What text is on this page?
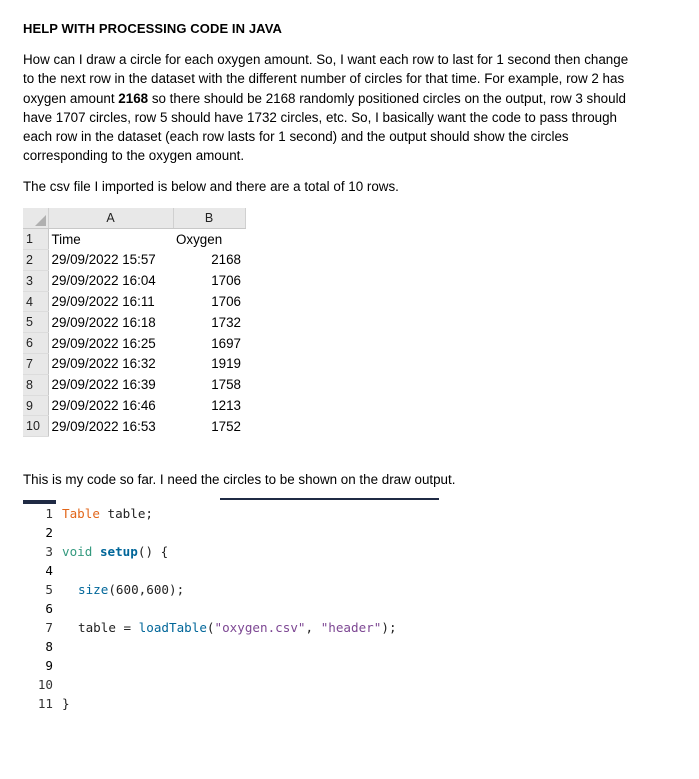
HELP WITH PROCESSING CODE IN JAVA
How can I draw a circle for each oxygen amount. So, I want each row to last for 1 second then change to the next row in the dataset with the different number of circles for that time. For example, row 2 has oxygen amount 2168 so there should be 2168 randomly positioned circles on the output, row 3 should have 1707 circles, row 5 should have 1732 circles, etc. So, I basically want the code to pass through each row in the dataset (each row lasts for 1 second) and the output should show the circles corresponding to the oxygen amount.
The csv file I imported is below and there are a total of 10 rows.
	A	B
1	Time	Oxygen
2	29/09/2022 15:57	2168
3	29/09/2022 16:04	1706
4	29/09/2022 16:11	1706
5	29/09/2022 16:18	1732
6	29/09/2022 16:25	1697
7	29/09/2022 16:32	1919
8	29/09/2022 16:39	1758
9	29/09/2022 16:46	1213
10	29/09/2022 16:53	1752
This is my code so far. I need the circles to be shown on the draw output.
1
2
3
4
5
6
7
8
9
10
11
Table table;
void setup() {
size(600,600);
table = loadTable("oxygen.csv", "header");
}
